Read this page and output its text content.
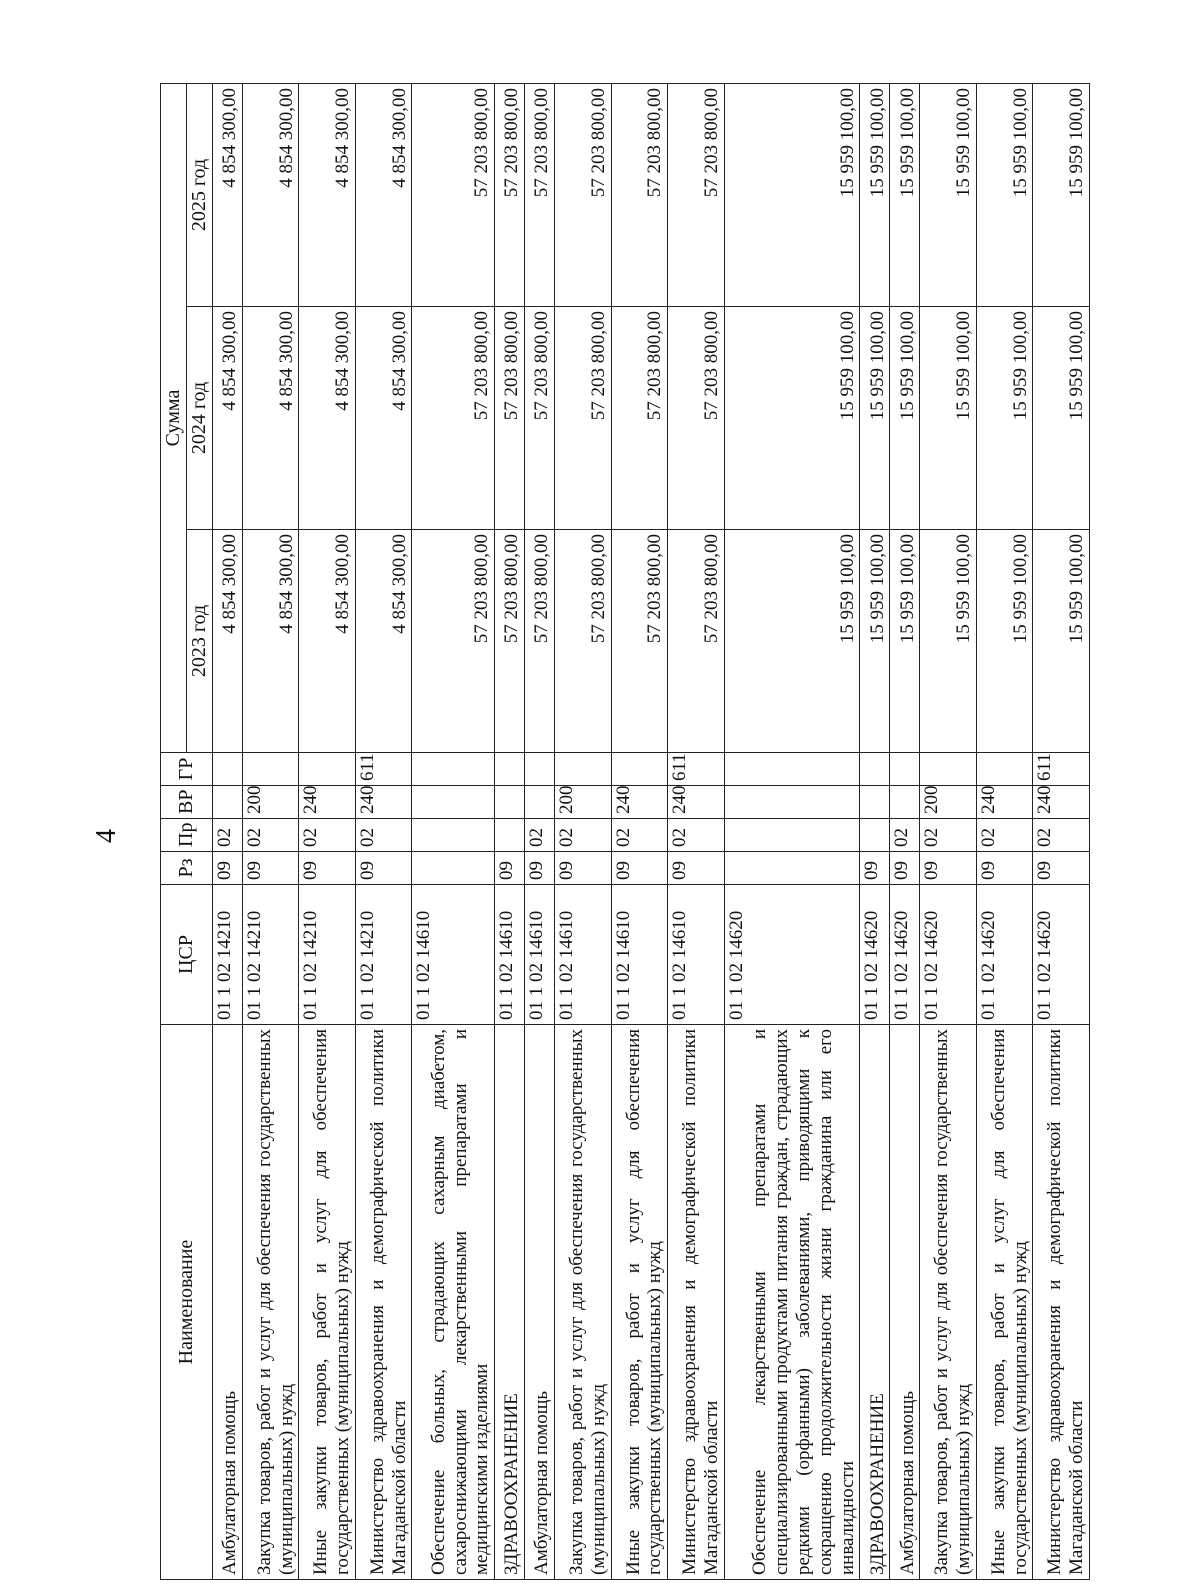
4
Наименование	ЦСР	Рз	Пр	ВР	ГР	Сумма		
						2023 год	2024 год	2025 год
Амбулаторная помощь	01 1 02 14210	09	02			4 854 300,00	4 854 300,00	4 854 300,00
Закупка товаров, работ и услуг для обеспечения государственных (муниципальных) нужд	01 1 02 14210	09	02	200		4 854 300,00	4 854 300,00	4 854 300,00
Иные закупки товаров, работ и услуг для обеспечения государственных (муниципальных) нужд	01 1 02 14210	09	02	240		4 854 300,00	4 854 300,00	4 854 300,00
Министерство здравоохранения и демографической политики Магаданской области	01 1 02 14210	09	02	240	611	4 854 300,00	4 854 300,00	4 854 300,00
Обеспечение больных, страдающих сахарным диабетом, сахароснижающими лекарственными препаратами и медицинскими изделиями	01 1 02 14610					57 203 800,00	57 203 800,00	57 203 800,00
ЗДРАВООХРАНЕНИЕ	01 1 02 14610	09				57 203 800,00	57 203 800,00	57 203 800,00
Амбулаторная помощь	01 1 02 14610	09	02			57 203 800,00	57 203 800,00	57 203 800,00
Закупка товаров, работ и услуг для обеспечения государственных (муниципальных) нужд	01 1 02 14610	09	02	200		57 203 800,00	57 203 800,00	57 203 800,00
Иные закупки товаров, работ и услуг для обеспечения государственных (муниципальных) нужд	01 1 02 14610	09	02	240		57 203 800,00	57 203 800,00	57 203 800,00
Министерство здравоохранения и демографической политики Магаданской области	01 1 02 14610	09	02	240	611	57 203 800,00	57 203 800,00	57 203 800,00
Обеспечение лекарственными препаратами и специализированными продуктами питания граждан, страдающих редкими (орфанными) заболеваниями, приводящими к сокращению продолжительности жизни гражданина или его инвалидности	01 1 02 14620					15 959 100,00	15 959 100,00	15 959 100,00
ЗДРАВООХРАНЕНИЕ	01 1 02 14620	09				15 959 100,00	15 959 100,00	15 959 100,00
Амбулаторная помощь	01 1 02 14620	09	02			15 959 100,00	15 959 100,00	15 959 100,00
Закупка товаров, работ и услуг для обеспечения государственных (муниципальных) нужд	01 1 02 14620	09	02	200		15 959 100,00	15 959 100,00	15 959 100,00
Иные закупки товаров, работ и услуг для обеспечения государственных (муниципальных) нужд	01 1 02 14620	09	02	240		15 959 100,00	15 959 100,00	15 959 100,00
Министерство здравоохранения и демографической политики Магаданской области	01 1 02 14620	09	02	240	611	15 959 100,00	15 959 100,00	15 959 100,00
